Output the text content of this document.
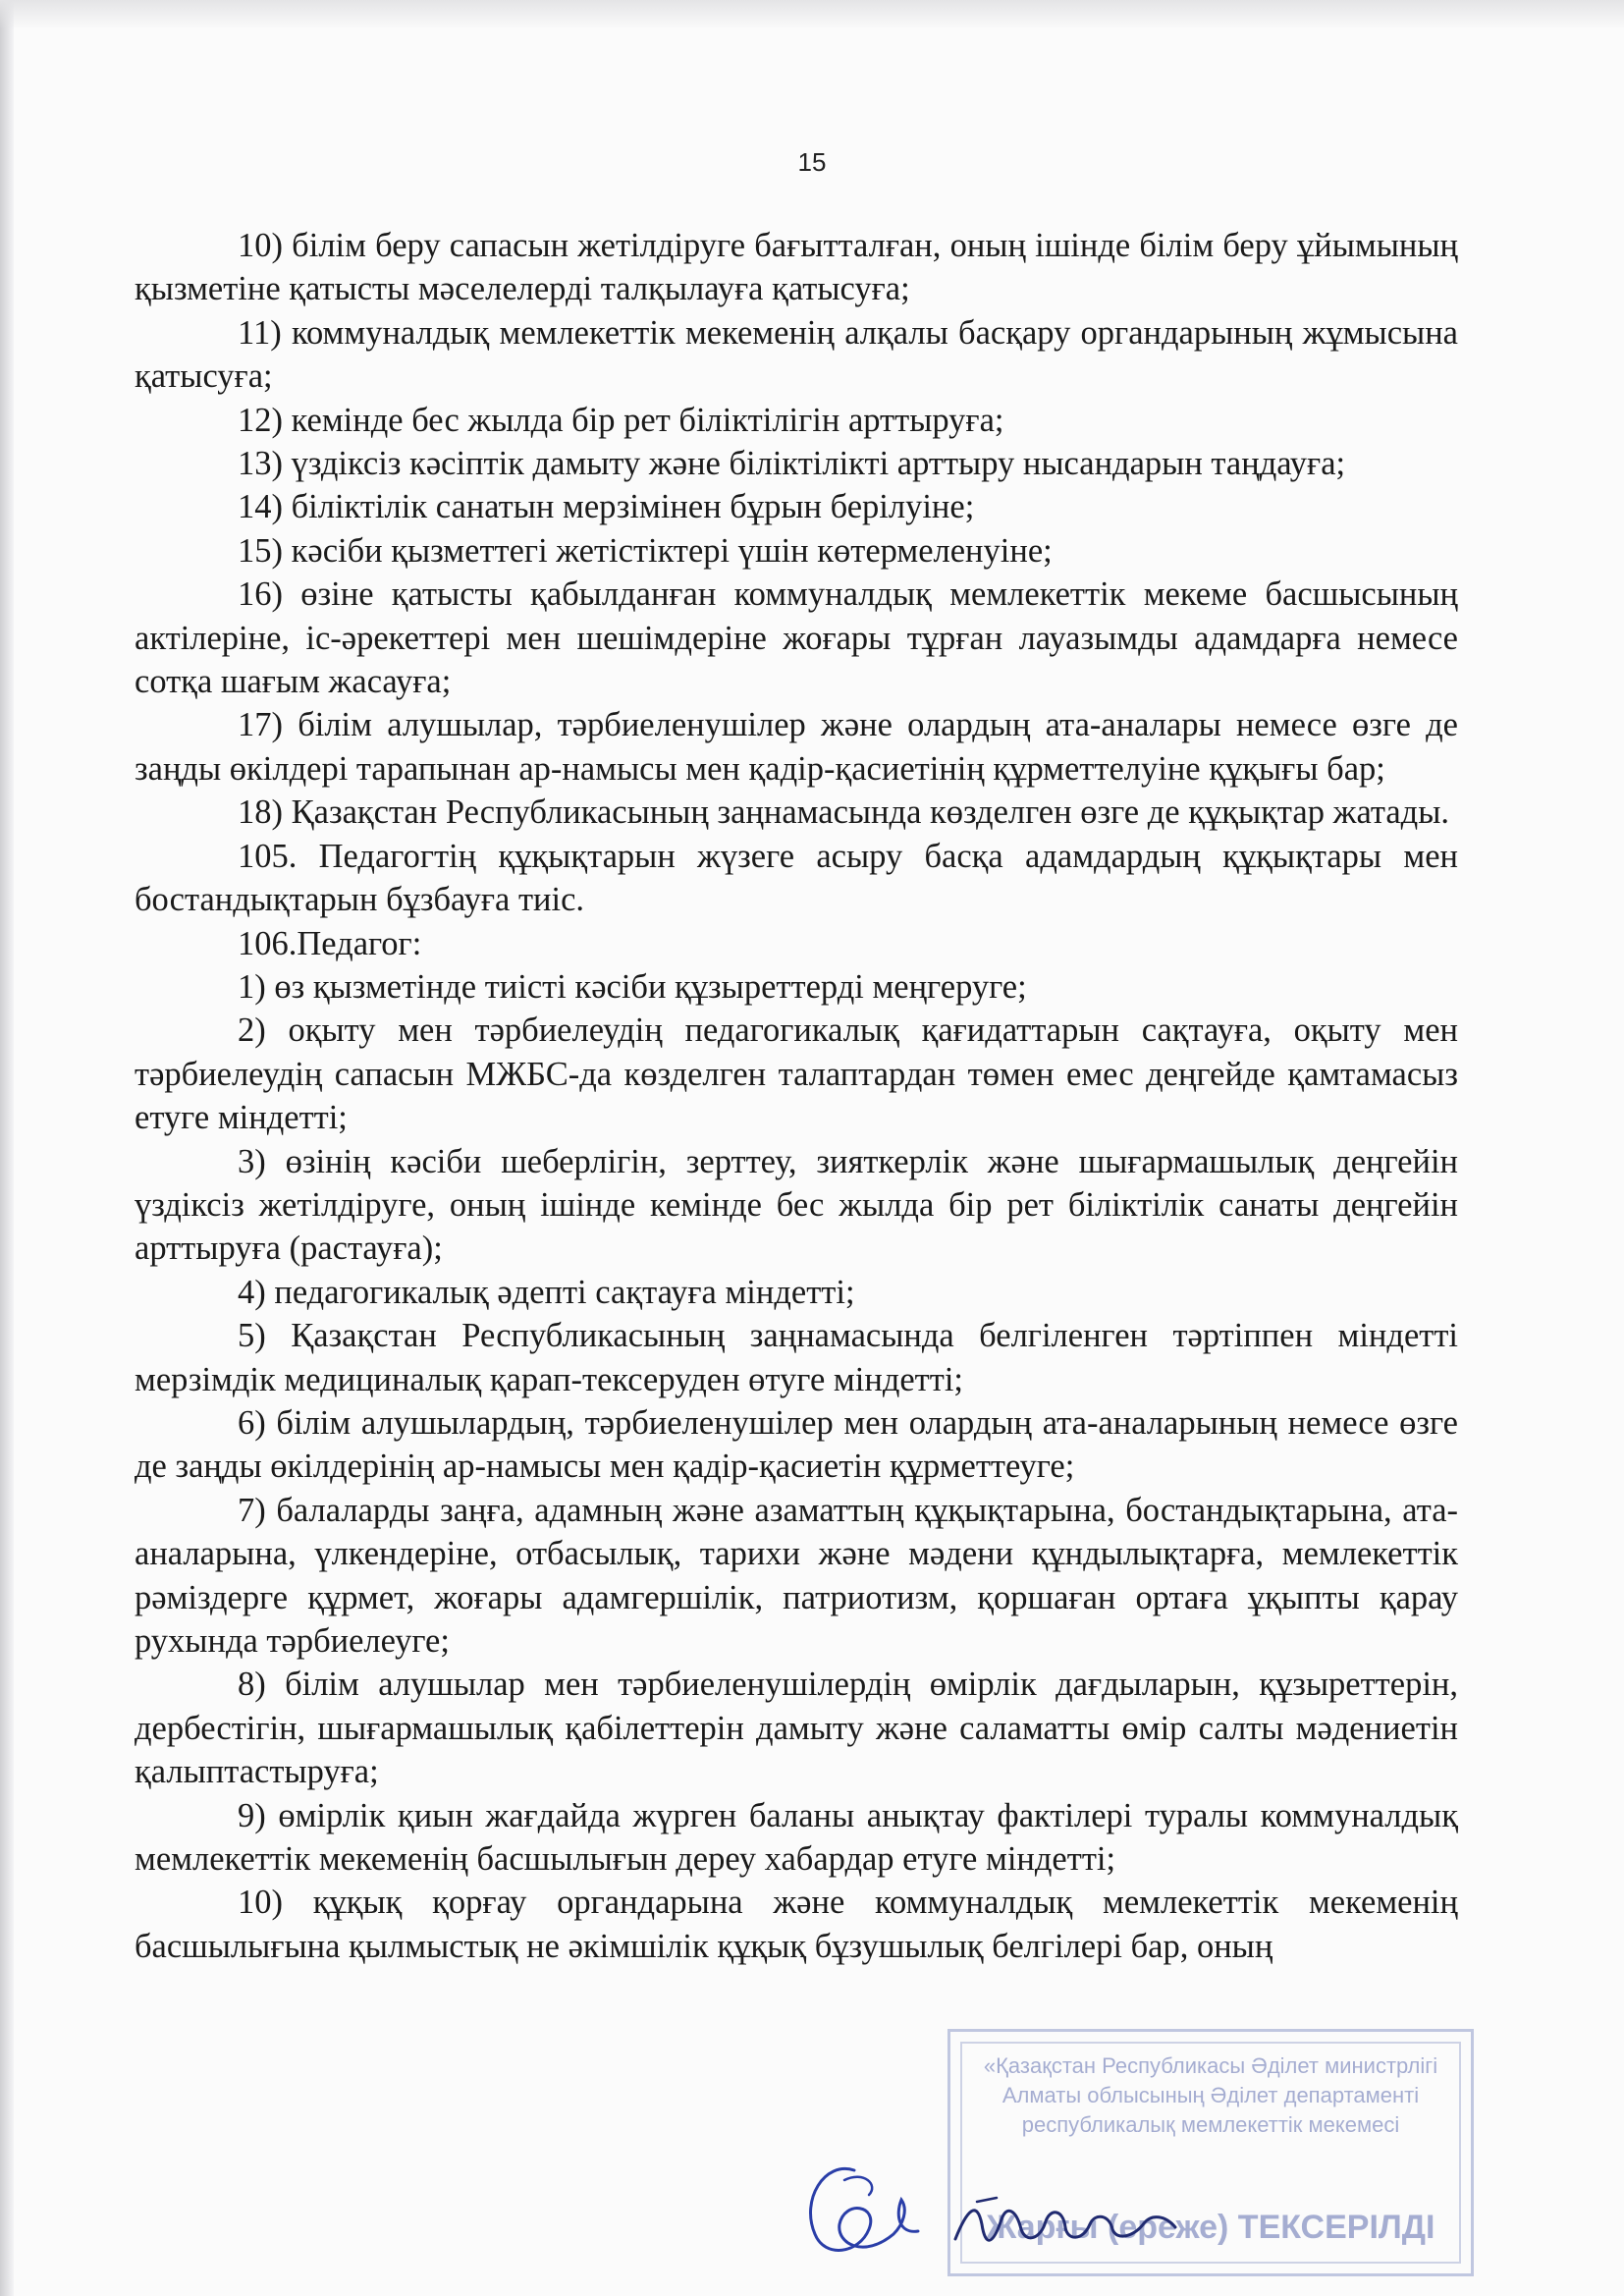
15

10) білім беру сапасын жетілдіруге бағытталған, оның ішінде білім беру ұйымының қызметіне қатысты мәселелерді талқылауға қатысуға;

11) коммуналдық мемлекеттік мекеменің алқалы басқару органдарының жұмысына қатысуға;

12) кемінде бес жылда бір рет біліктілігін арттыруға;

13) үздіксіз кәсіптік дамыту және біліктілікті арттыру нысандарын таңдауға;

14) біліктілік санатын мерзімінен бұрын берілуіне;

15) кәсіби қызметтегі жетістіктері үшін көтермеленуіне;

16) өзіне қатысты қабылданған коммуналдық мемлекеттік мекеме басшысының актілеріне, іс-әрекеттері мен шешімдеріне жоғары тұрған лауазымды адамдарға немесе сотқа шағым жасауға;

17) білім алушылар, тәрбиеленушілер және олардың ата-аналары немесе өзге де заңды өкілдері тарапынан ар-намысы мен қадір-қасиетінің құрметтелуіне құқығы бар;

18) Қазақстан Республикасының заңнамасында көзделген өзге де құқықтар жатады.

105. Педагогтің құқықтарын жүзеге асыру басқа адамдардың құқықтары мен бостандықтарын бұзбауға тиіс.

106.Педагог:

1) өз қызметінде тиісті кәсіби құзыреттерді меңгеруге;

2) оқыту мен тәрбиелеудің педагогикалық қағидаттарын сақтауға, оқыту мен тәрбиелеудің сапасын МЖБС-да көзделген талаптардан төмен емес деңгейде қамтамасыз етуге міндетті;

3) өзінің кәсіби шеберлігін, зерттеу, зияткерлік және шығармашылық деңгейін үздіксіз жетілдіруге, оның ішінде кемінде бес жылда бір рет біліктілік санаты деңгейін арттыруға (растауға);

4) педагогикалық әдепті сақтауға міндетті;

5) Қазақстан Республикасының заңнамасында белгіленген тәртіппен міндетті мерзімдік медициналық қарап-тексеруден өтуге міндетті;

6) білім алушылардың, тәрбиеленушілер мен олардың ата-аналарының немесе өзге де заңды өкілдерінің ар-намысы мен қадір-қасиетін құрметтеуге;

7) балаларды заңға, адамның және азаматтың құқықтарына, бостандықтарына, ата-аналарына, үлкендеріне, отбасылық, тарихи және мәдени құндылықтарға, мемлекеттік рәміздерге құрмет, жоғары адамгершілік, патриотизм, қоршаған ортаға ұқыпты қарау рухында тәрбиелеуге;

8) білім алушылар мен тәрбиеленушілердің өмірлік дағдыларын, құзыреттерін, дербестігін, шығармашылық қабілеттерін дамыту және саламатты өмір салты мәдениетін қалыптастыруға;

9) өмірлік қиын жағдайда жүрген баланы анықтау фактілері туралы коммуналдық мемлекеттік мекеменің басшылығын дереу хабардар етуге міндетті;

10) құқық қорғау органдарына және коммуналдық мемлекеттік мекеменің басшылығына қылмыстық не әкімшілік құқық бұзушылық белгілері бар, оның

«Қазақстан Республикасы Әділет министрлігі
Алматы облысының Әділет департаменті
республикалық мемлекеттік мекемесі
Жарғы (ереже) ТЕКСЕРІЛДІ
